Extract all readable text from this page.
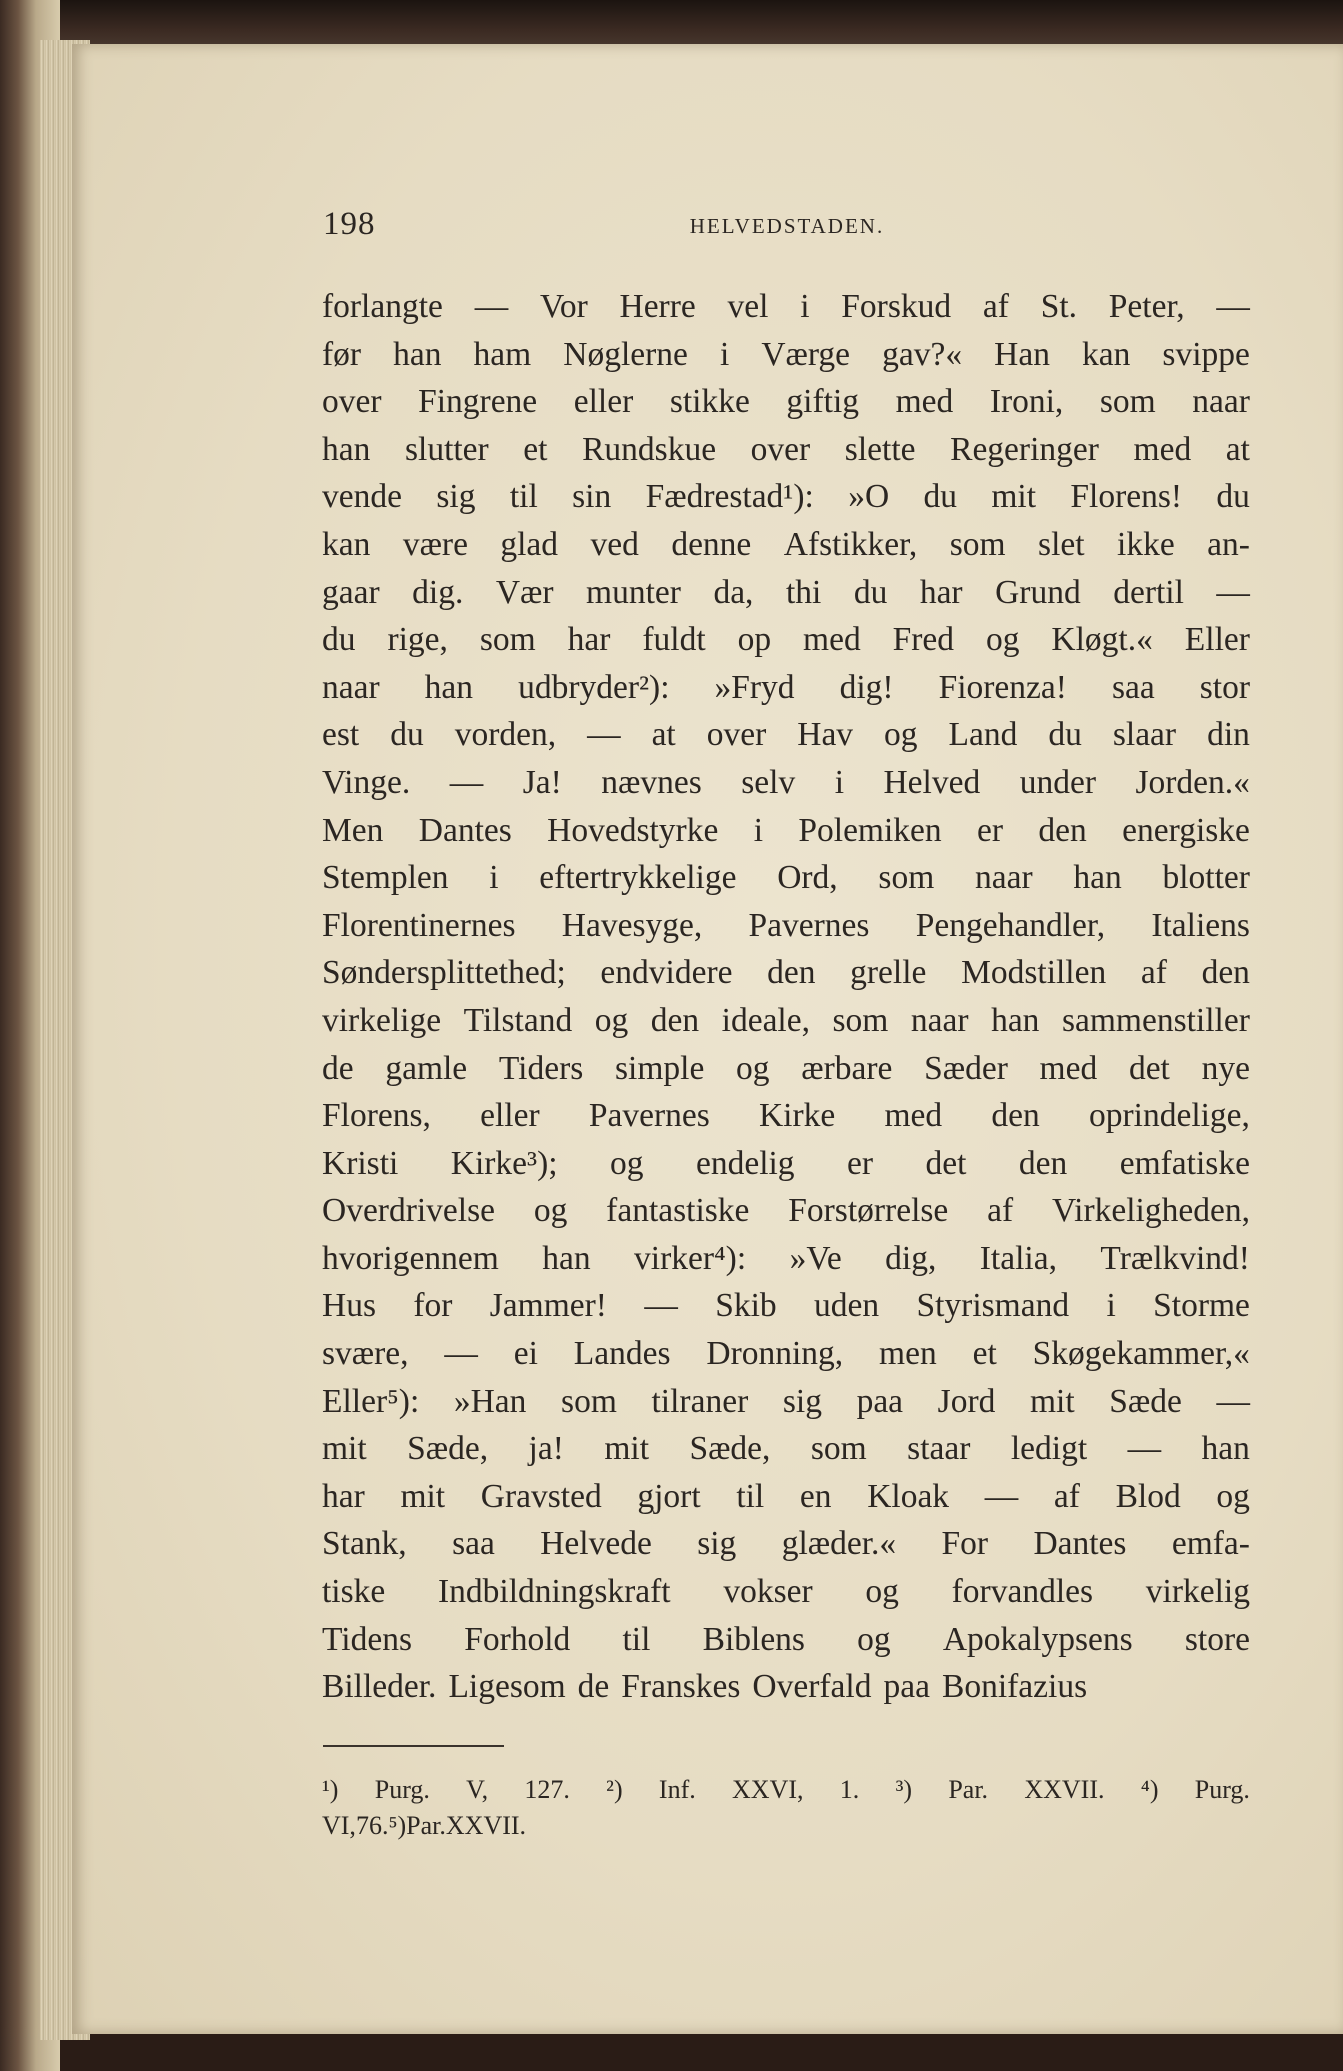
198	HELVEDSTADEN.
forlangte — Vor Herre vel i Forskud af St. Peter, —
før han ham Nøglerne i Værge gav?« Han kan svippe
over Fingrene eller stikke giftig med Ironi, som naar
han slutter et Rundskue over slette Regeringer med at
vende sig til sin Fædrestad¹): »O du mit Florens! du
kan være glad ved denne Afstikker, som slet ikke an-
gaar dig. Vær munter da, thi du har Grund dertil —
du rige, som har fuldt op med Fred og Kløgt.« Eller
naar han udbryder²): »Fryd dig! Fiorenza! saa stor
est du vorden, — at over Hav og Land du slaar din
Vinge. — Ja! nævnes selv i Helved under Jorden.«
Men Dantes Hovedstyrke i Polemiken er den energiske
Stemplen i eftertrykkelige Ord, som naar han blotter
Florentinernes Havesyge, Pavernes Pengehandler, Italiens
Søndersplittethed; endvidere den grelle Modstillen af den
virkelige Tilstand og den ideale, som naar han sammenstiller
de gamle Tiders simple og ærbare Sæder med det nye
Florens, eller Pavernes Kirke med den oprindelige,
Kristi Kirke³); og endelig er det den emfatiske
Overdrivelse og fantastiske Forstørrelse af Virkeligheden,
hvorigennem han virker⁴): »Ve dig, Italia, Trælkvind!
Hus for Jammer! — Skib uden Styrismand i Storme
svære, — ei Landes Dronning, men et Skøgekammer,«
Eller⁵): »Han som tilraner sig paa Jord mit Sæde —
mit Sæde, ja! mit Sæde, som staar ledigt — han
har mit Gravsted gjort til en Kloak — af Blod og
Stank, saa Helvede sig glæder.« For Dantes emfa-
tiske Indbildningskraft vokser og forvandles virkelig
Tidens Forhold til Biblens og Apokalypsens store
Billeder. Ligesom de Franskes Overfald paa Bonifazius
¹) Purg. V, 127. ²) Inf. XXVI, 1. ³) Par. XXVII. ⁴) Purg.
VI, 76. ⁵) Par. XXVII.
